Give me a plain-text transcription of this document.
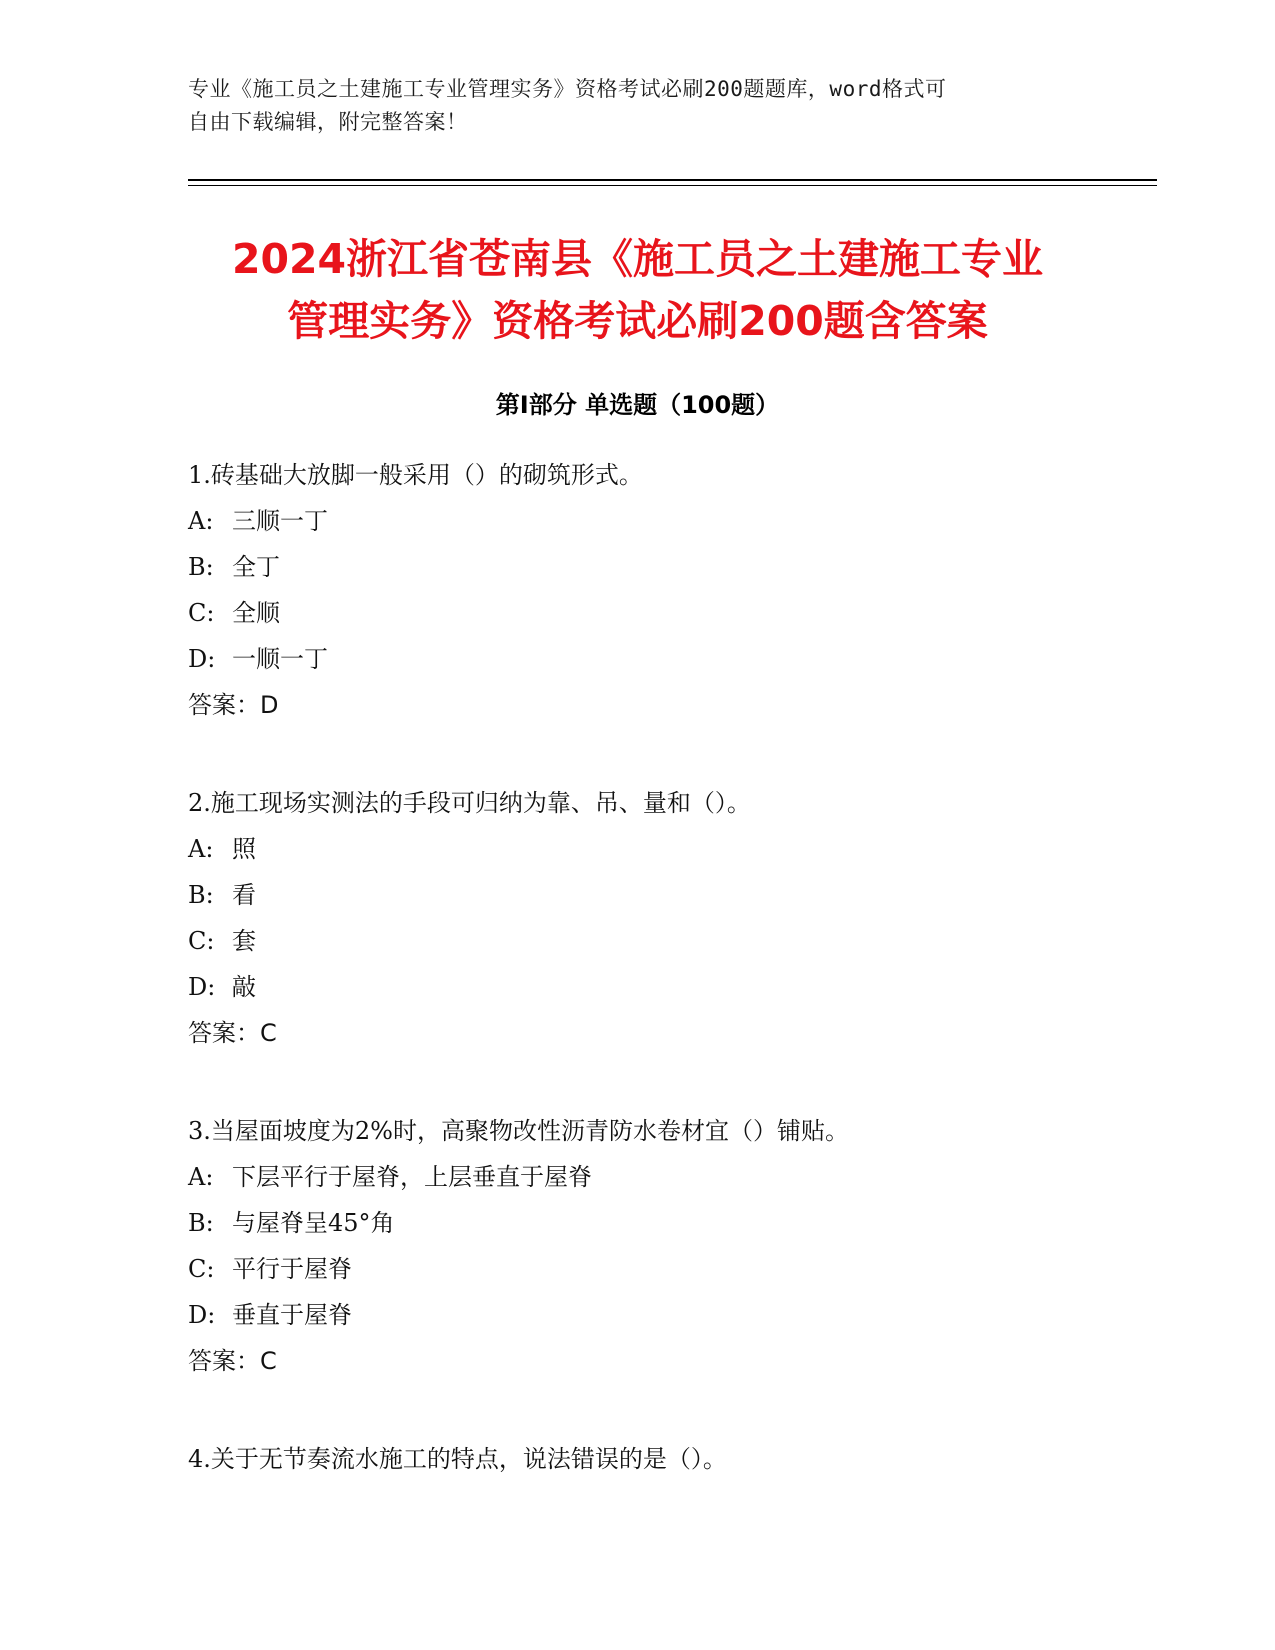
专业《施工员之土建施工专业管理实务》资格考试必刷200题题库，word格式可
自由下载编辑，附完整答案！
2024浙江省苍南县《施工员之土建施工专业
管理实务》资格考试必刷200题含答案
第Ⅰ部分 单选题（100题）
1.砖基础大放脚一般采用（）的砌筑形式。
A: 三顺一丁
B: 全丁
C: 全顺
D: 一顺一丁
答案：D
2.施工现场实测法的手段可归纳为靠、吊、量和（）。
A: 照
B: 看
C: 套
D: 敲
答案：C
3.当屋面坡度为2%时，高聚物改性沥青防水卷材宜（）铺贴。
A: 下层平行于屋脊，上层垂直于屋脊
B: 与屋脊呈45°角
C: 平行于屋脊
D: 垂直于屋脊
答案：C
4.关于无节奏流水施工的特点，说法错误的是（）。
